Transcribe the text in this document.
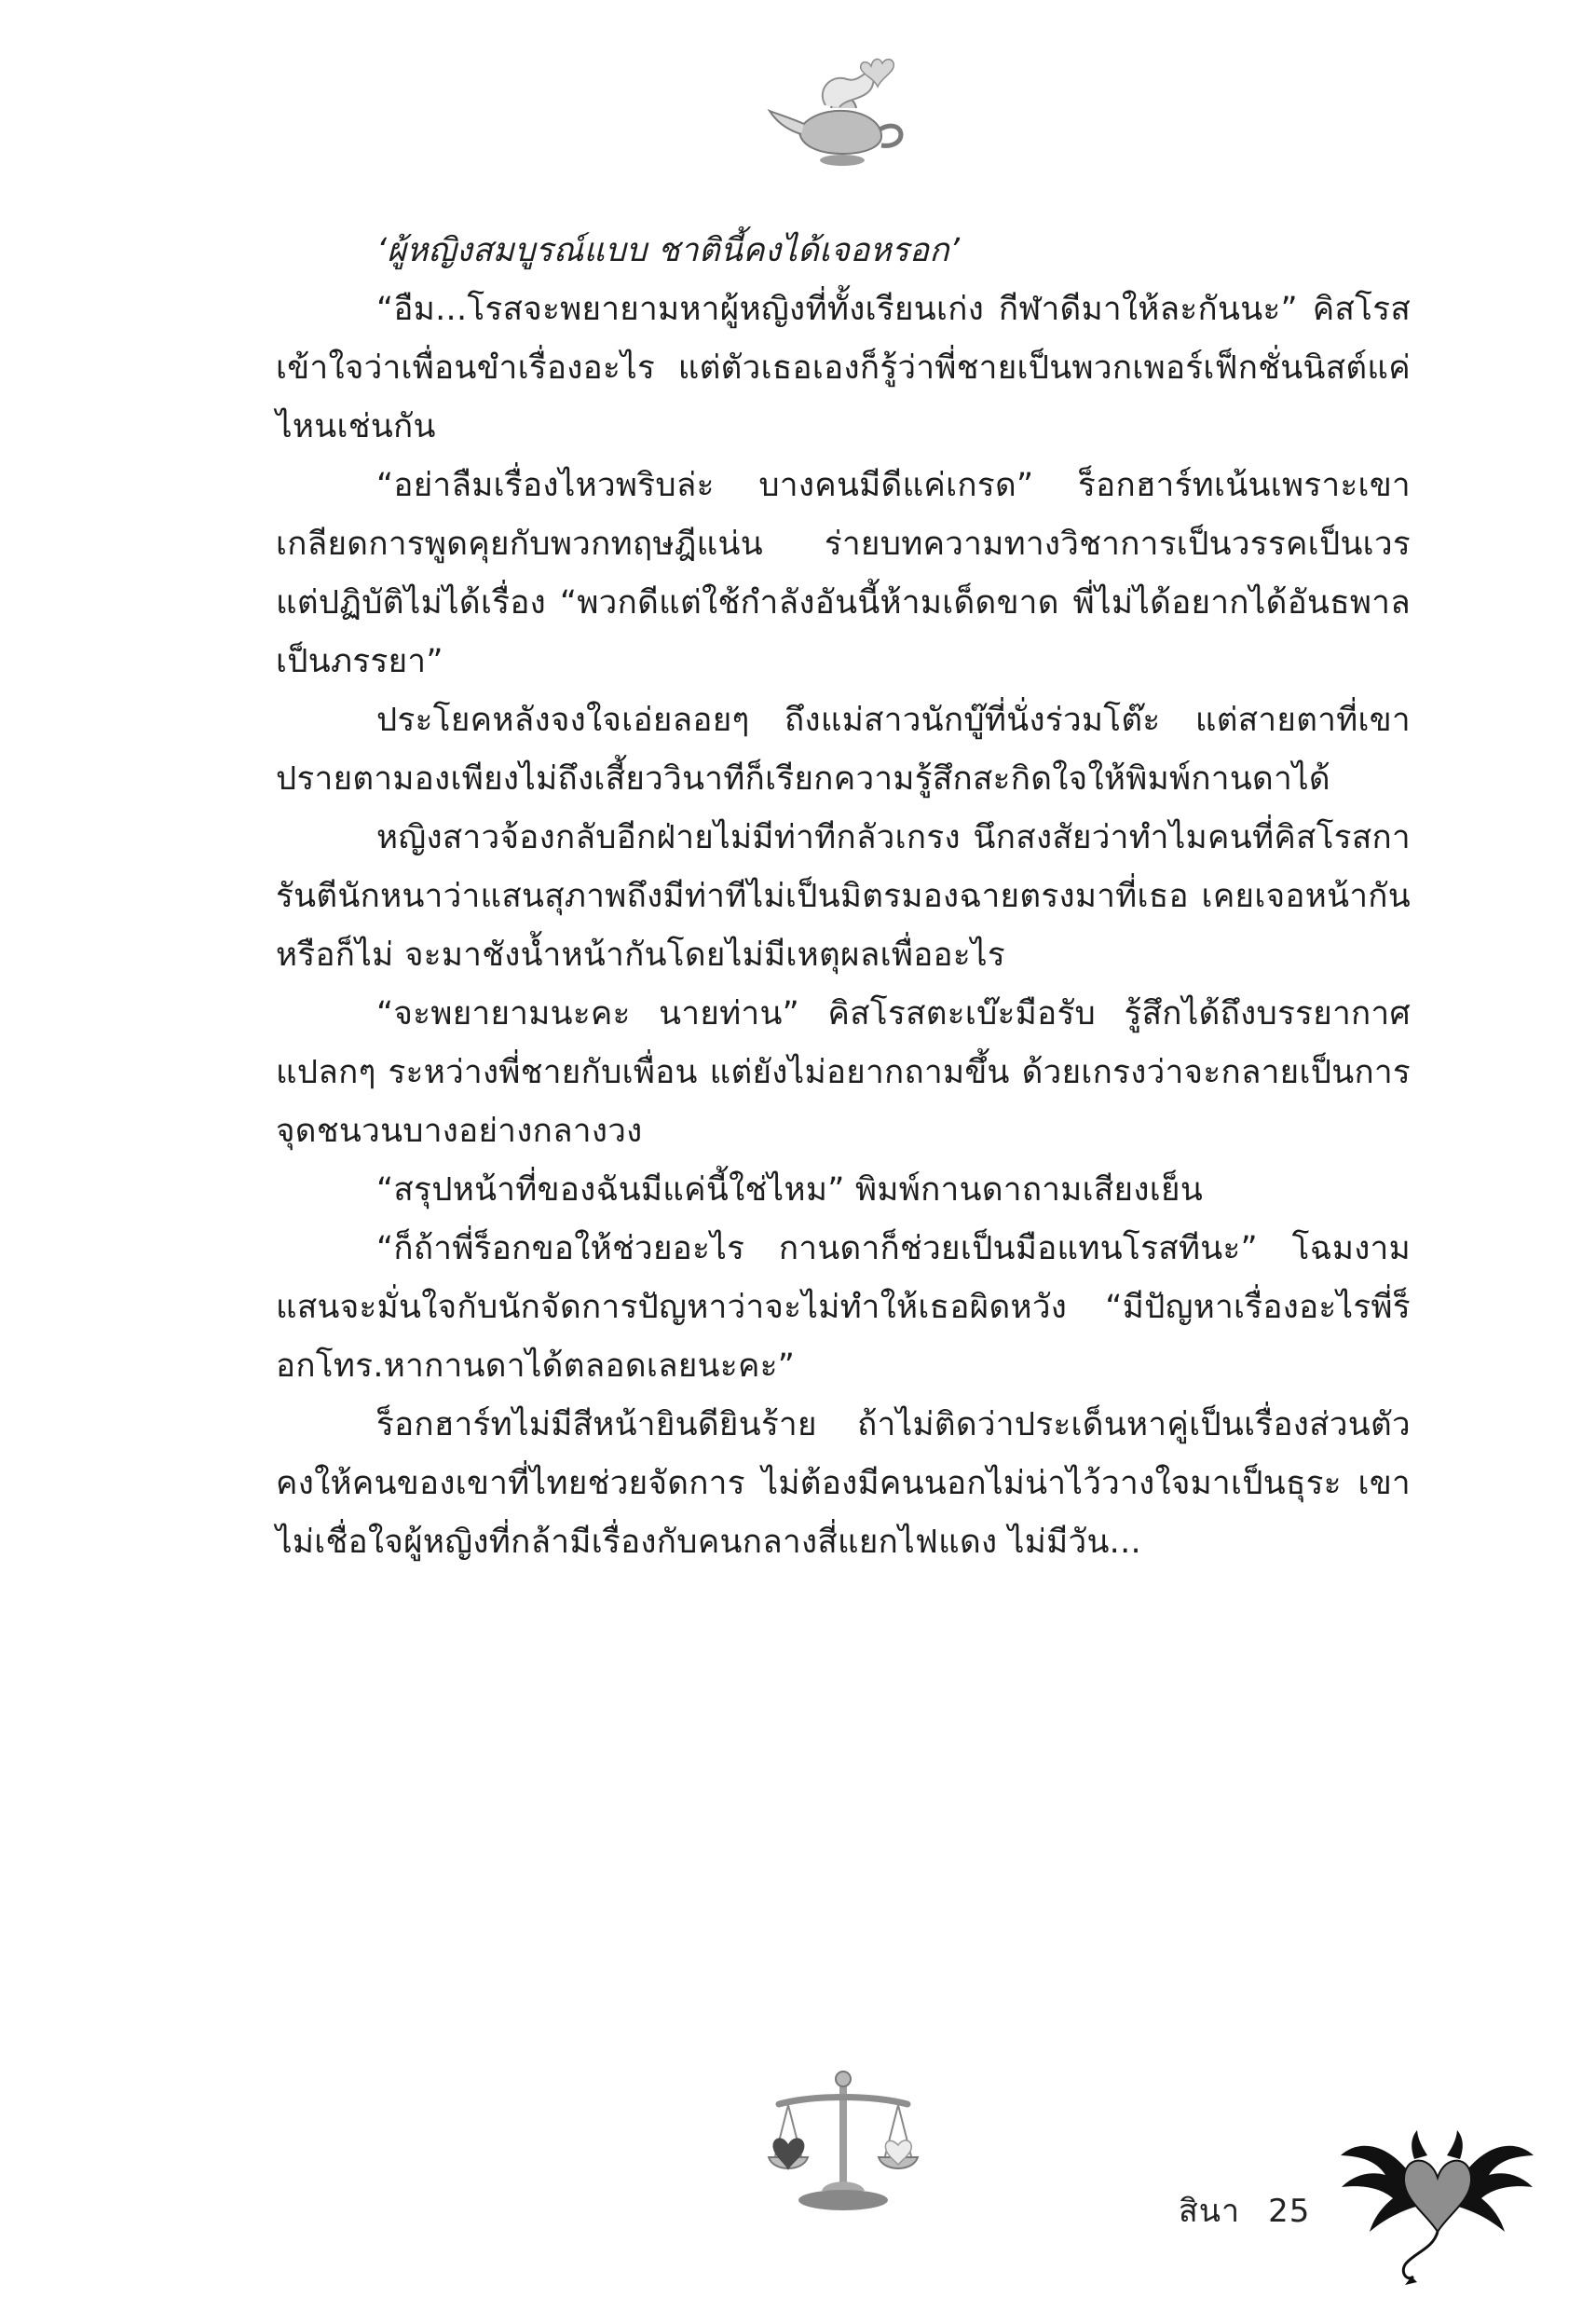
‘ผู้หญิงสมบูรณ์แบบ ชาตินี้คงได้เจอหรอก’

“อืม...โรสจะพยายามหาผู้หญิงที่ทั้งเรียนเก่ง กีฬาดีมาให้ละกันนะ” คิสโรสเข้าใจว่าเพื่อนขำเรื่องอะไร แต่ตัวเธอเองก็รู้ว่าพี่ชายเป็นพวกเพอร์เฟ็กชั่นนิสต์แค่ไหนเช่นกัน

“อย่าลืมเรื่องไหวพริบล่ะ บางคนมีดีแค่เกรด” ร็อกฮาร์ทเน้นเพราะเขาเกลียดการพูดคุยกับพวกทฤษฎีแน่น ร่ายบทความทางวิชาการเป็นวรรคเป็นเวร แต่ปฏิบัติไม่ได้เรื่อง “พวกดีแต่ใช้กำลังอันนี้ห้ามเด็ดขาด พี่ไม่ได้อยากได้อันธพาลเป็นภรรยา”

ประโยคหลังจงใจเอ่ยลอยๆ ถึงแม่สาวนักบู๊ที่นั่งร่วมโต๊ะ แต่สายตาที่เขาปรายตามองเพียงไม่ถึงเสี้ยววินาทีก็เรียกความรู้สึกสะกิดใจให้พิมพ์กานดาได้

หญิงสาวจ้องกลับอีกฝ่ายไม่มีท่าทีกลัวเกรง นึกสงสัยว่าทำไมคนที่คิสโรสการันตีนักหนาว่าแสนสุภาพถึงมีท่าทีไม่เป็นมิตรมองฉายตรงมาที่เธอ เคยเจอหน้ากันหรือก็ไม่ จะมาชังน้ำหน้ากันโดยไม่มีเหตุผลเพื่ออะไร

“จะพยายามนะคะ นายท่าน” คิสโรสตะเบ๊ะมือรับ รู้สึกได้ถึงบรรยากาศแปลกๆ ระหว่างพี่ชายกับเพื่อน แต่ยังไม่อยากถามขึ้น ด้วยเกรงว่าจะกลายเป็นการจุดชนวนบางอย่างกลางวง

“สรุปหน้าที่ของฉันมีแค่นี้ใช่ไหม” พิมพ์กานดาถามเสียงเย็น

“ก็ถ้าพี่ร็อกขอให้ช่วยอะไร กานดาก็ช่วยเป็นมือแทนโรสทีนะ” โฉมงามแสนจะมั่นใจกับนักจัดการปัญหาว่าจะไม่ทำให้เธอผิดหวัง “มีปัญหาเรื่องอะไรพี่ร็อกโทร.หากานดาได้ตลอดเลยนะคะ”

ร็อกฮาร์ทไม่มีสีหน้ายินดียินร้าย ถ้าไม่ติดว่าประเด็นหาคู่เป็นเรื่องส่วนตัว คงให้คนของเขาที่ไทยช่วยจัดการ ไม่ต้องมีคนนอกไม่น่าไว้วางใจมาเป็นธุระ เขาไม่เชื่อใจผู้หญิงที่กล้ามีเรื่องกับคนกลางสี่แยกไฟแดง ไม่มีวัน...

สินา 25
